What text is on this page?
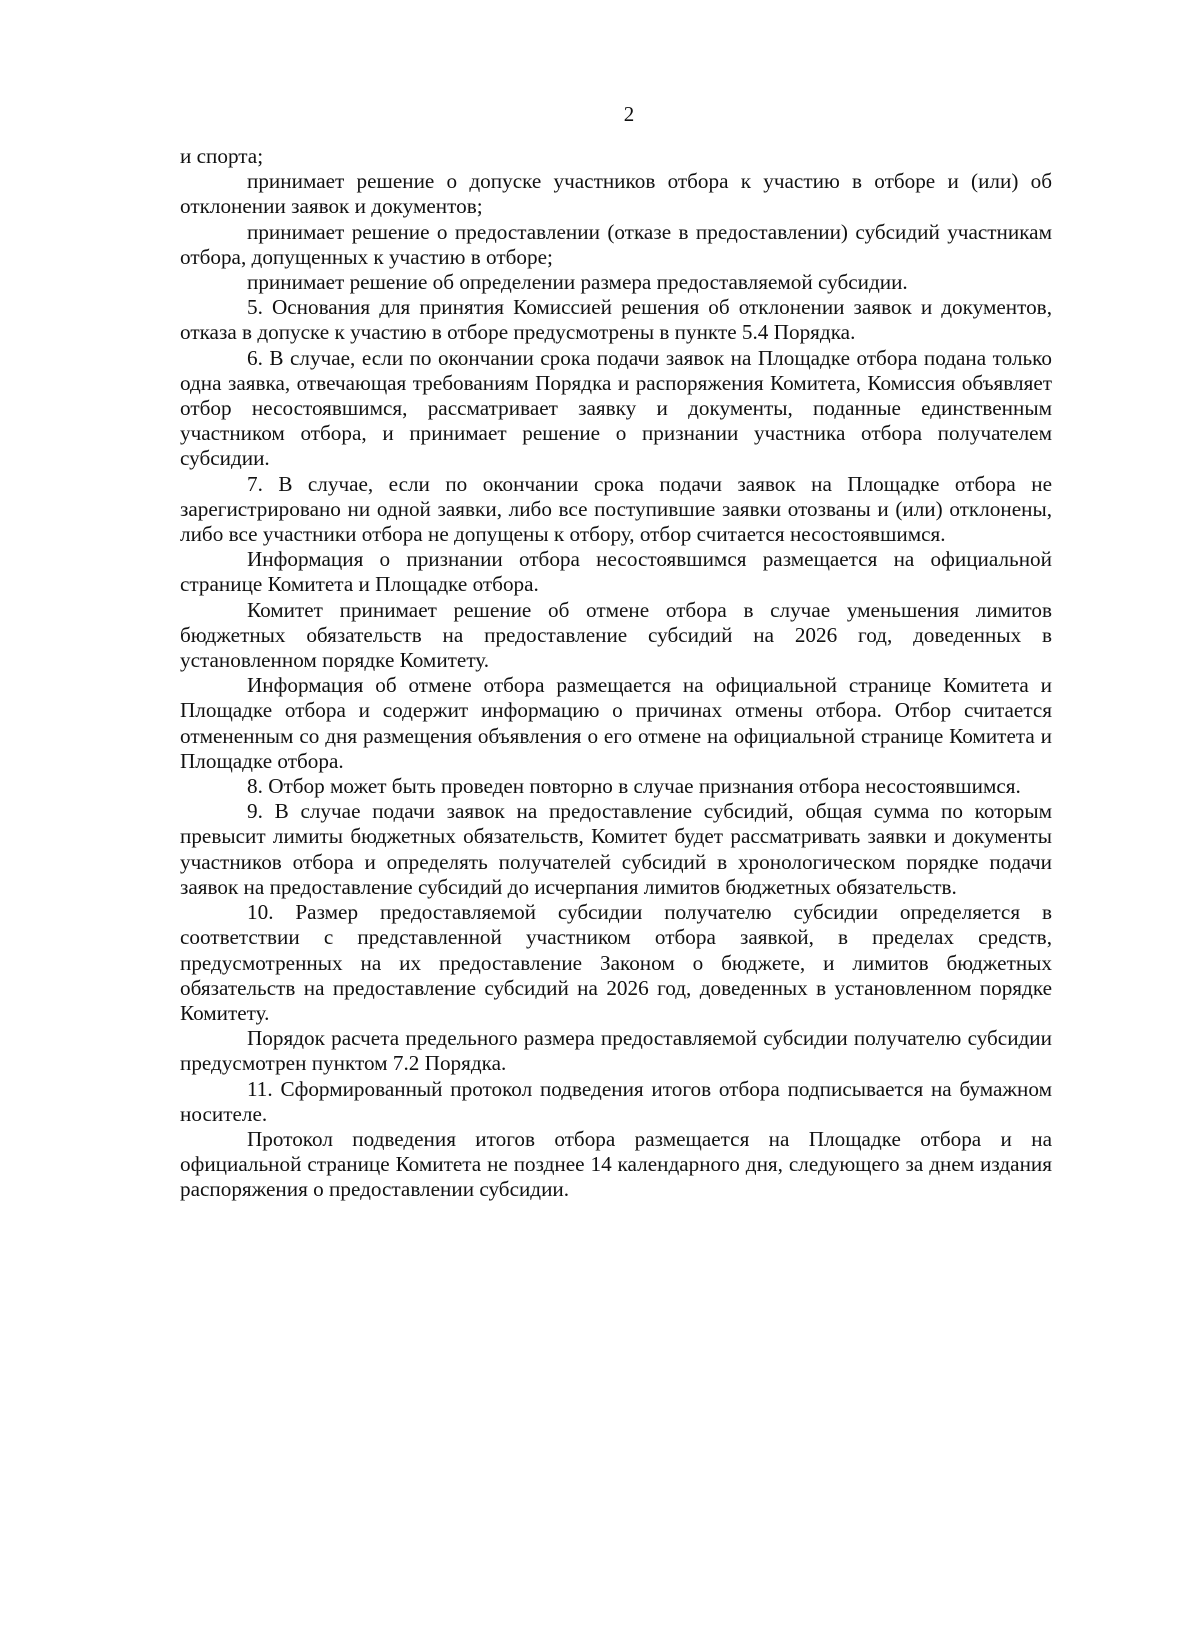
2

и спорта;

принимает решение о допуске участников отбора к участию в отборе и (или) об отклонении заявок и документов;

принимает решение о предоставлении (отказе в предоставлении) субсидий участникам отбора, допущенных к участию в отборе;

принимает решение об определении размера предоставляемой субсидии.

5. Основания для принятия Комиссией решения об отклонении заявок и документов, отказа в допуске к участию в отборе предусмотрены в пункте 5.4 Порядка.

6. В случае, если по окончании срока подачи заявок на Площадке отбора подана только одна заявка, отвечающая требованиям Порядка и распоряжения Комитета, Комиссия объявляет отбор несостоявшимся, рассматривает заявку и документы, поданные единственным участником отбора, и принимает решение о признании участника отбора получателем субсидии.

7. В случае, если по окончании срока подачи заявок на Площадке отбора не зарегистрировано ни одной заявки, либо все поступившие заявки отозваны и (или) отклонены, либо все участники отбора не допущены к отбору, отбор считается несостоявшимся.

Информация о признании отбора несостоявшимся размещается на официальной странице Комитета и Площадке отбора.

Комитет принимает решение об отмене отбора в случае уменьшения лимитов бюджетных обязательств на предоставление субсидий на 2026 год, доведенных в установленном порядке Комитету.

Информация об отмене отбора размещается на официальной странице Комитета и Площадке отбора и содержит информацию о причинах отмены отбора. Отбор считается отмененным со дня размещения объявления о его отмене на официальной странице Комитета и Площадке отбора.

8. Отбор может быть проведен повторно в случае признания отбора несостоявшимся.

9. В случае подачи заявок на предоставление субсидий, общая сумма по которым превысит лимиты бюджетных обязательств, Комитет будет рассматривать заявки и документы участников отбора и определять получателей субсидий в хронологическом порядке подачи заявок на предоставление субсидий до исчерпания лимитов бюджетных обязательств.

10. Размер предоставляемой субсидии получателю субсидии определяется в соответствии с представленной участником отбора заявкой, в пределах средств, предусмотренных на их предоставление Законом о бюджете, и лимитов бюджетных обязательств на предоставление субсидий на 2026 год, доведенных в установленном порядке Комитету.

Порядок расчета предельного размера предоставляемой субсидии получателю субсидии предусмотрен пунктом 7.2 Порядка.

11. Сформированный протокол подведения итогов отбора подписывается на бумажном носителе.

Протокол подведения итогов отбора размещается на Площадке отбора и на официальной странице Комитета не позднее 14 календарного дня, следующего за днем издания распоряжения о предоставлении субсидии.
